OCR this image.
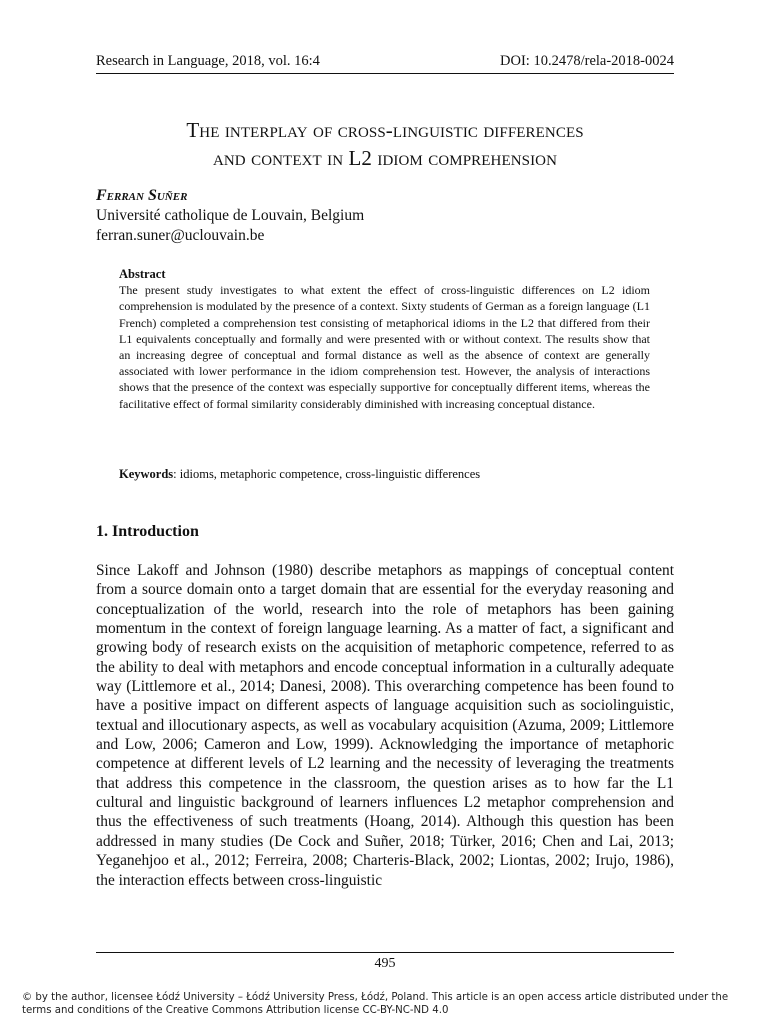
Research in Language, 2018, vol. 16:4	DOI: 10.2478/rela-2018-0024
The interplay of cross-linguistic differences
and context in L2 idiom comprehension
Ferran Suñer
Université catholique de Louvain, Belgium
ferran.suner@uclouvain.be
Abstract
The present study investigates to what extent the effect of cross-linguistic differences on L2 idiom comprehension is modulated by the presence of a context. Sixty students of German as a foreign language (L1 French) completed a comprehension test consisting of metaphorical idioms in the L2 that differed from their L1 equivalents conceptually and formally and were presented with or without context. The results show that an increasing degree of conceptual and formal distance as well as the absence of context are generally associated with lower performance in the idiom comprehension test. However, the analysis of interactions shows that the presence of the context was especially supportive for conceptually different items, whereas the facilitative effect of formal similarity considerably diminished with increasing conceptual distance.
Keywords: idioms, metaphoric competence, cross-linguistic differences
1. Introduction
Since Lakoff and Johnson (1980) describe metaphors as mappings of conceptual content from a source domain onto a target domain that are essential for the everyday reasoning and conceptualization of the world, research into the role of metaphors has been gaining momentum in the context of foreign language learning. As a matter of fact, a significant and growing body of research exists on the acquisition of metaphoric competence, referred to as the ability to deal with metaphors and encode conceptual information in a culturally adequate way (Littlemore et al., 2014; Danesi, 2008). This overarching competence has been found to have a positive impact on different aspects of language acquisition such as sociolinguistic, textual and illocutionary aspects, as well as vocabulary acquisition (Azuma, 2009; Littlemore and Low, 2006; Cameron and Low, 1999). Acknowledging the importance of metaphoric competence at different levels of L2 learning and the necessity of leveraging the treatments that address this competence in the classroom, the question arises as to how far the L1 cultural and linguistic background of learners influences L2 metaphor comprehension and thus the effectiveness of such treatments (Hoang, 2014). Although this question has been addressed in many studies (De Cock and Suñer, 2018; Türker, 2016; Chen and Lai, 2013; Yeganehjoo et al., 2012; Ferreira, 2008; Charteris-Black, 2002; Liontas, 2002; Irujo, 1986), the interaction effects between cross-linguistic
495
© by the author, licensee Łódź University – Łódź University Press, Łódź, Poland. This article is an open access article distributed under the terms and conditions of the Creative Commons Attribution license CC-BY-NC-ND 4.0
